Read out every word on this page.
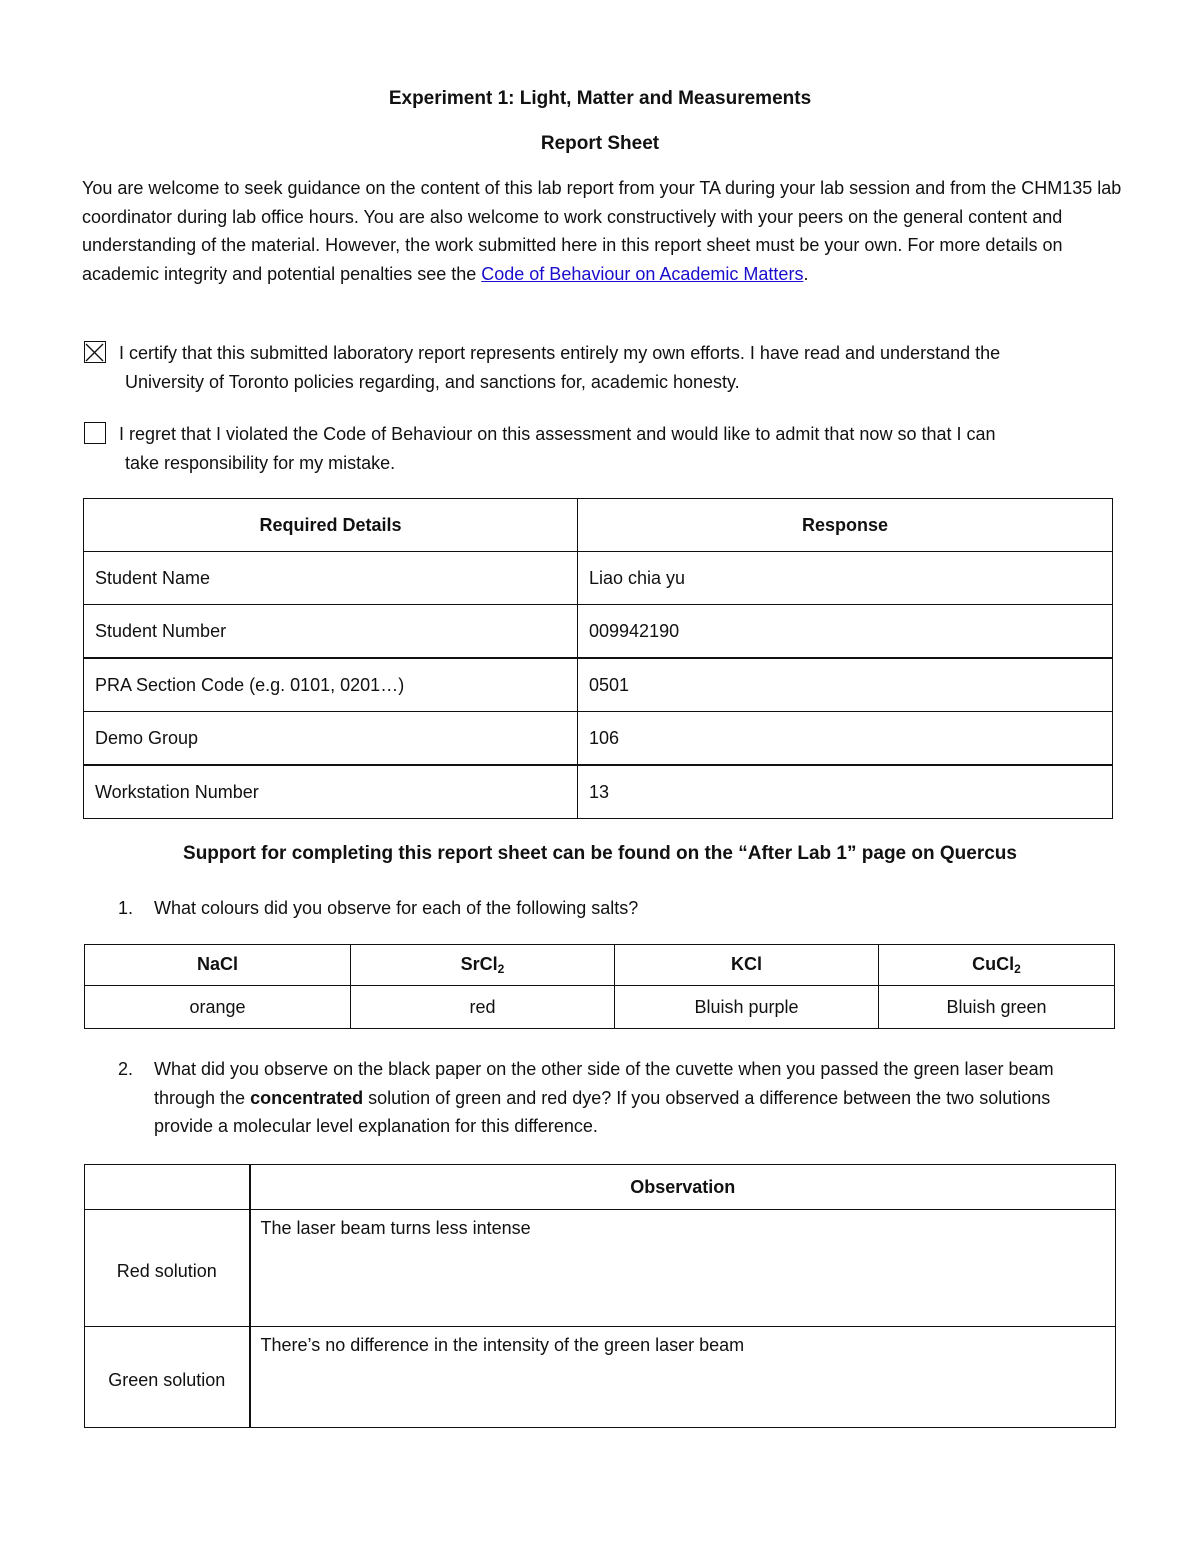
Experiment 1: Light, Matter and Measurements
Report Sheet
You are welcome to seek guidance on the content of this lab report from your TA during your lab session and from the CHM135 lab coordinator during lab office hours. You are also welcome to work constructively with your peers on the general content and understanding of the material. However, the work submitted here in this report sheet must be your own. For more details on academic integrity and potential penalties see the Code of Behaviour on Academic Matters.
I certify that this submitted laboratory report represents entirely my own efforts. I have read and understand the
University of Toronto policies regarding, and sanctions for, academic honesty.
I regret that I violated the Code of Behaviour on this assessment and would like to admit that now so that I can
take responsibility for my mistake.
Required Details	Response
Student Name	Liao chia yu
Student Number	009942190
PRA Section Code (e.g. 0101, 0201…)	0501
Demo Group	106
Workstation Number	13
Support for completing this report sheet can be found on the “After Lab 1” page on Quercus
1. What colours did you observe for each of the following salts?
NaCl	SrCl$_2$	KCl	CuCl$_2$
orange	red	Bluish purple	Bluish green
2. What did you observe on the black paper on the other side of the cuvette when you passed the green laser beam through the concentrated solution of green and red dye? If you observed a difference between the two solutions provide a molecular level explanation for this difference.
	Observation
Red solution	The laser beam turns less intense
Green solution	There’s no difference in the intensity of the green laser beam
